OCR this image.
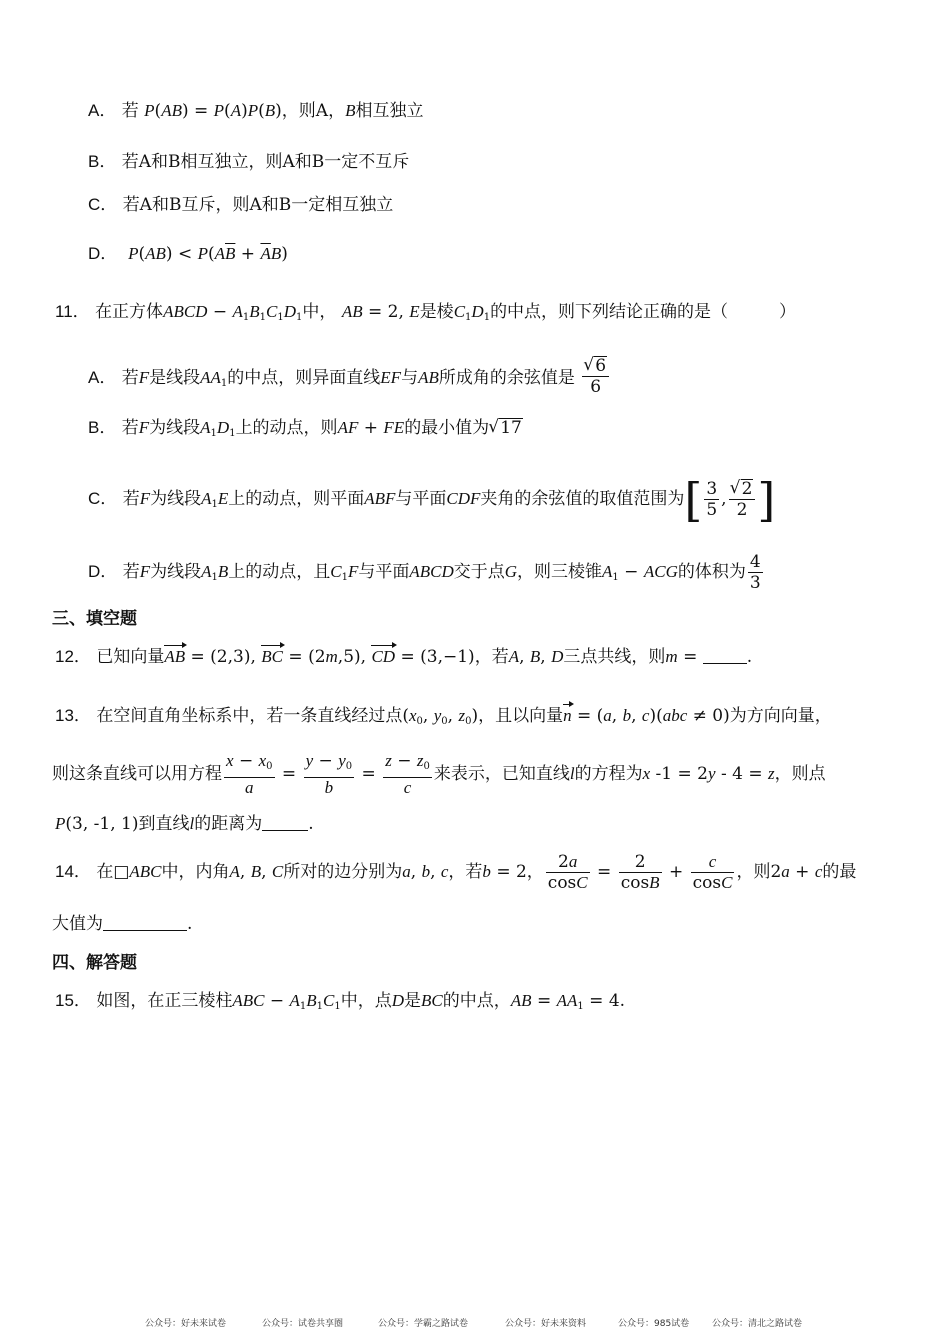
A． 若 P(AB) = P(A)P(B)，则A，B相互独立
B． 若A和B相互独立，则A和B一定不互斥
C． 若A和B互斥，则A和B一定相互独立
D． $P(AB) < P(A\overline{B} + \overline{A}B)$
11． 在正方体ABCD − $A_1B_1C_1D_1$中， AB = 2, E是棱$C_1D_1$的中点，则下列结论正确的是（　　　）
A． 若F是线段$AA_1$的中点，则异面直线EF与AB所成角的余弦值是 √ $\frac{6}{6}$
B． 若F为线段$A_1D_1$上的动点，则AF + FE的最小值为 √ 17
C． 若F为线段$A_1E$上的动点，则平面ABF与平面CDF夹角的余弦值的取值范围为[ $\frac{3}{5}$ , √ $\frac{2}{2}$ ]
D． 若F为线段$A_1B$上的动点，且$C_1F$与平面ABCD交于点G，则三棱锥$A_1$ − ACG的体积为 $\frac{4}{3}$
三、填空题
12． 已知向量AB = (2,3), BC = (2m,5), CD = (3,−1)，若A, B, D三点共线，则m =	.
13． 在空间直角坐标系中，若一条直线经过点($x_0$, $y_0$, $z_0$)，且以向量n = (a, b, c)(abc ≠ 0)为方向向量，
则这条直线可以用方程 $\frac{x - x_0}{a} = \frac{y - y_0}{b} = \frac{z - z_0}{c}$ 来表示，已知直线l的方程为x -1 = 2y - 4 = z，则点
P(3, -1, 1)到直线l的距离为	.
14． 在□ABC中，内角A, B, C所对的边分别为a, b, c，若b = 2， $\frac{2a}{\cos C} = \frac{2}{\cos B} + \frac{c}{\cos C}$ ，则2a + c的最
大值为	.
四、解答题
15． 如图，在正三棱柱ABC − $A_1B_1C_1$中，点D是BC的中点，AB = $AA_1 = 4$.
公众号：好未来试卷	公众号：试卷共享圈	公众号：学霸之路试卷	公众号：好未来资料	公众号：985试卷	公众号：清北之路试卷
